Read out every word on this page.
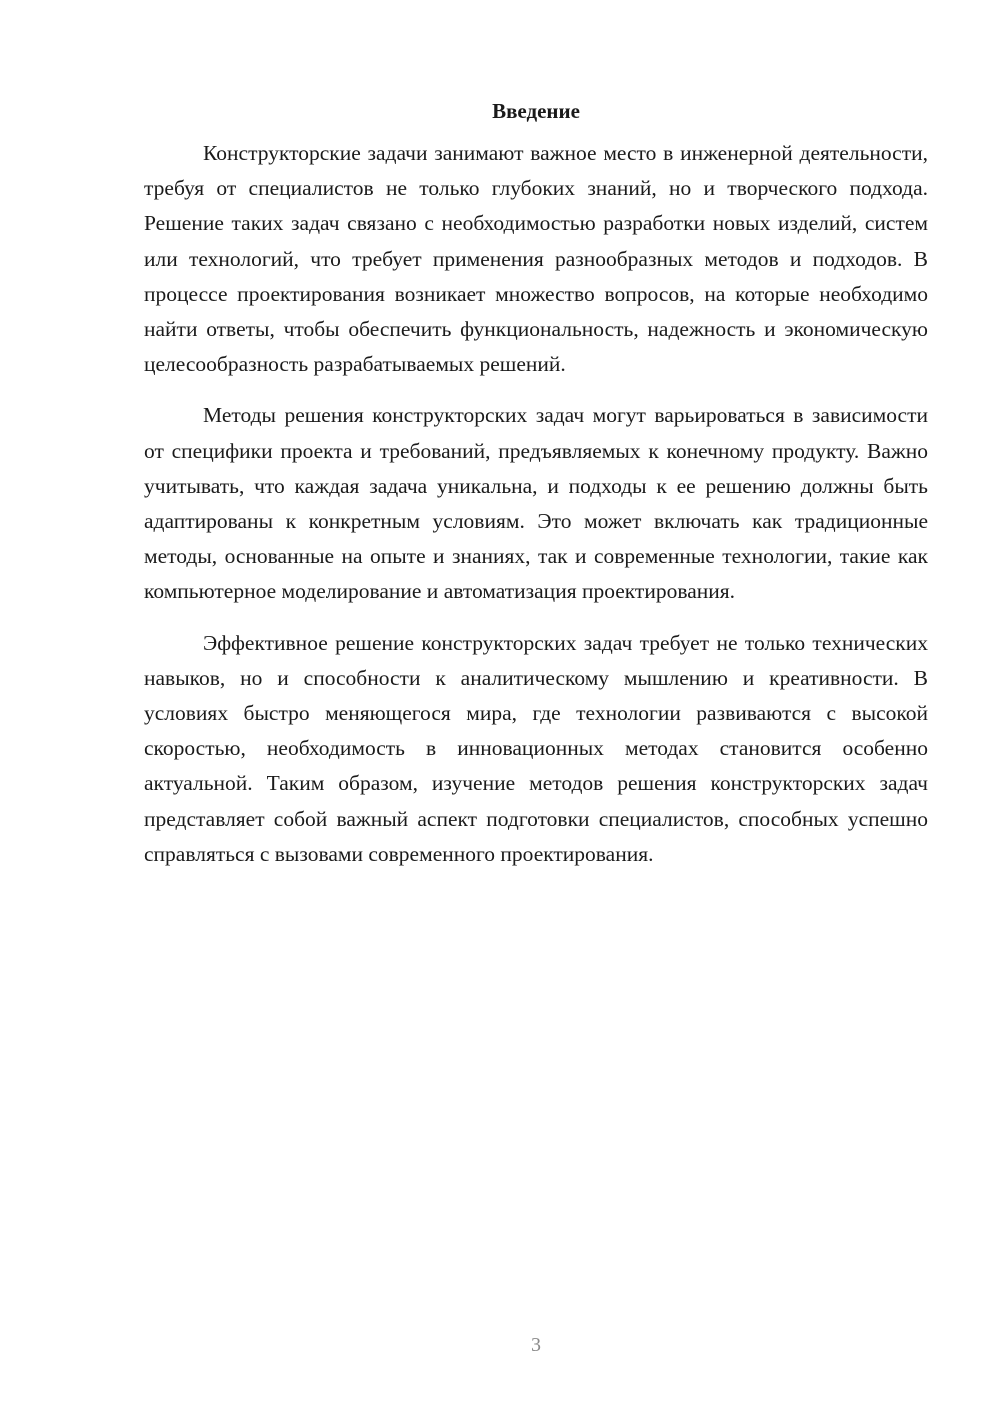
Введение

Конструкторские задачи занимают важное место в инженерной деятельности, требуя от специалистов не только глубоких знаний, но и творческого подхода. Решение таких задач связано с необходимостью разработки новых изделий, систем или технологий, что требует применения разнообразных методов и подходов. В процессе проектирования возникает множество вопросов, на которые необходимо найти ответы, чтобы обеспечить функциональность, надежность и экономическую целесообразность разрабатываемых решений.

Методы решения конструкторских задач могут варьироваться в зависимости от специфики проекта и требований, предъявляемых к конечному продукту. Важно учитывать, что каждая задача уникальна, и подходы к ее решению должны быть адаптированы к конкретным условиям. Это может включать как традиционные методы, основанные на опыте и знаниях, так и современные технологии, такие как компьютерное моделирование и автоматизация проектирования.

Эффективное решение конструкторских задач требует не только технических навыков, но и способности к аналитическому мышлению и креативности. В условиях быстро меняющегося мира, где технологии развиваются с высокой скоростью, необходимость в инновационных методах становится особенно актуальной. Таким образом, изучение методов решения конструкторских задач представляет собой важный аспект подготовки специалистов, способных успешно справляться с вызовами современного проектирования.

3
